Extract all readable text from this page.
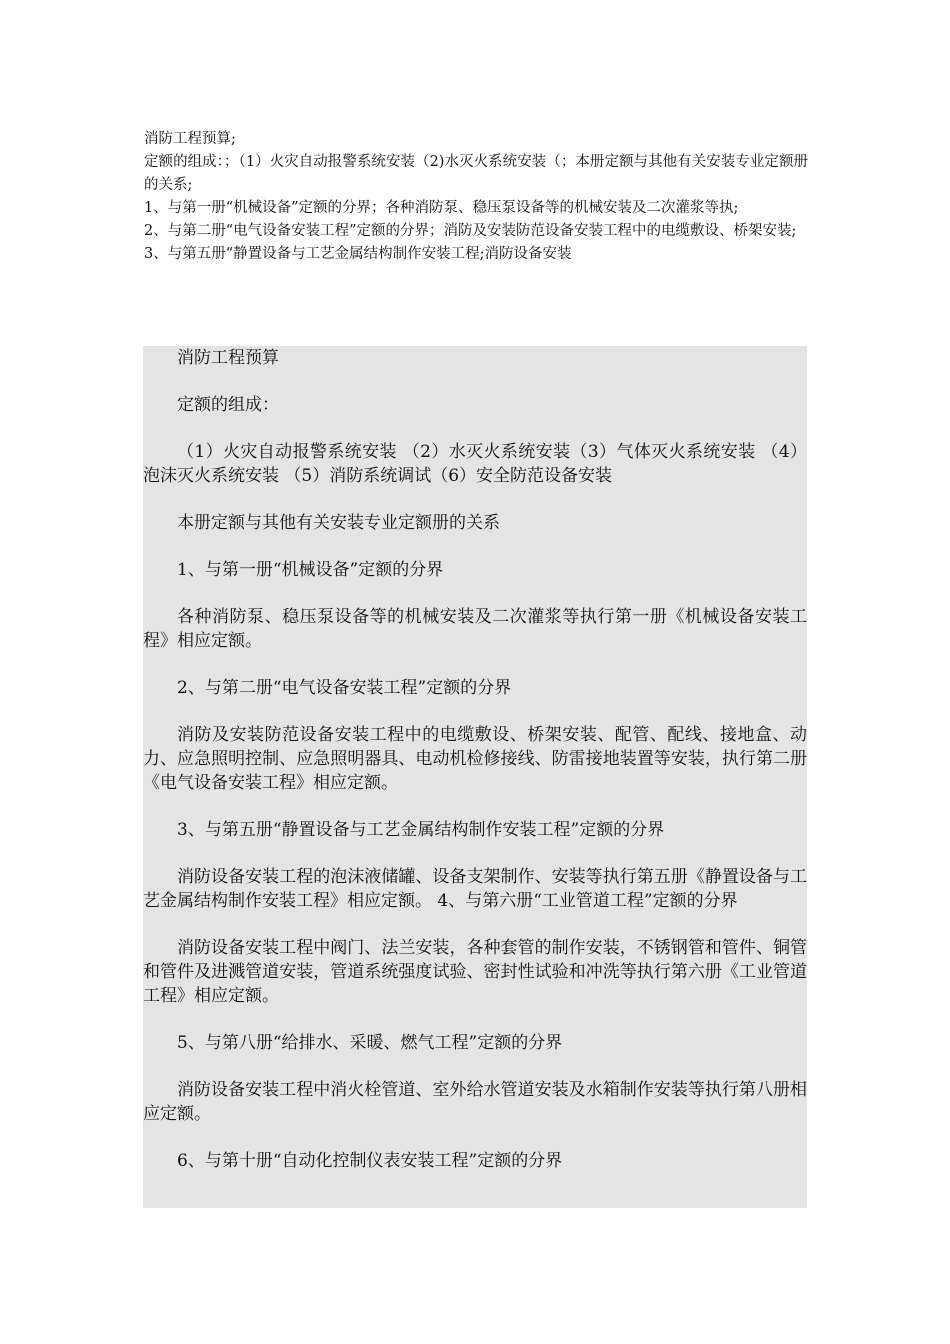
消防工程预算;

定额的组成：；（1）火灾自动报警系统安装（2)水灭火系统安装（；本册定额与其他有关安装专业定额册的关系;

1、与第一册“机械设备”定额的分界；各种消防泵、稳压泵设备等的机械安装及二次灌浆等执;

2、与第二册“电气设备安装工程”定额的分界；消防及安装防范设备安装工程中的电缆敷设、桥架安装;

3、与第五册“静置设备与工艺金属结构制作安装工程;消防设备安装

消防工程预算

定额的组成：

（1）火灾自动报警系统安装 （2）水灭火系统安装（3）气体灭火系统安装 （4）泡沫灭火系统安装 （5）消防系统调试（6）安全防范设备安装

本册定额与其他有关安装专业定额册的关系

1、与第一册“机械设备”定额的分界

各种消防泵、稳压泵设备等的机械安装及二次灌浆等执行第一册《机械设备安装工程》相应定额。

2、与第二册“电气设备安装工程”定额的分界

消防及安装防范设备安装工程中的电缆敷设、桥架安装、配管、配线、接地盒、动力、应急照明控制、应急照明器具、电动机检修接线、防雷接地装置等安装，执行第二册《电气设备安装工程》相应定额。

3、与第五册“静置设备与工艺金属结构制作安装工程”定额的分界

消防设备安装工程的泡沫液储罐、设备支架制作、安装等执行第五册《静置设备与工艺金属结构制作安装工程》相应定额。 4、与第六册“工业管道工程”定额的分界

消防设备安装工程中阀门、法兰安装，各种套管的制作安装，不锈钢管和管件、铜管和管件及进溅管道安装，管道系统强度试验、密封性试验和冲洗等执行第六册《工业管道工程》相应定额。

5、与第八册“给排水、采暖、燃气工程”定额的分界

消防设备安装工程中消火栓管道、室外给水管道安装及水箱制作安装等执行第八册相应定额。

6、与第十册“自动化控制仪表安装工程”定额的分界
